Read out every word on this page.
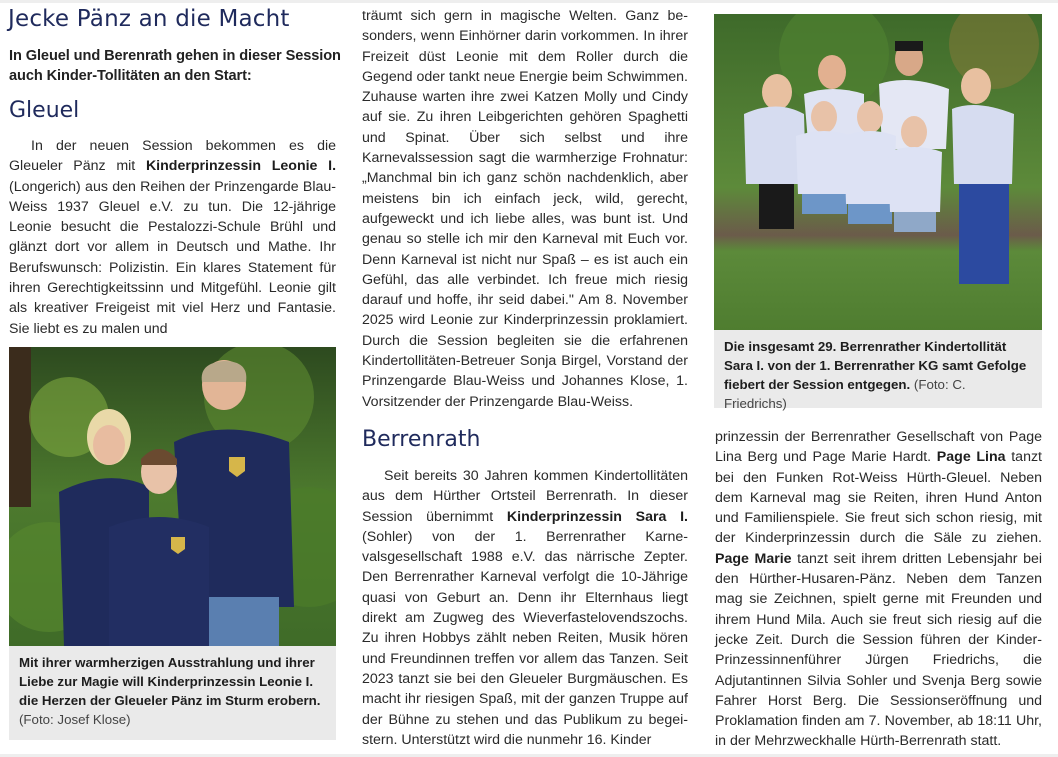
Jecke Pänz an die Macht

In Gleuel und Berenrath gehen in dieser Session auch Kinder-Tollitäten an den Start:

Gleuel

In der neuen Session bekommen es die Gleueler Pänz mit Kinderprinzessin Leonie I. (Longerich) aus den Reihen der Prinzengarde Blau-Weiss 1937 Gleuel e.V. zu tun. Die 12-jährige Leonie besucht die Pestalozzi-Schule Brühl und glänzt dort vor allem in Deutsch und Mathe. Ihr Berufswunsch: Polizistin. Ein klares Statement für ihren Gerechtigkeitssinn und Mitgefühl. Leonie gilt als kreativer Freigeist mit viel Herz und Fantasie. Sie liebt es zu malen und

Mit ihrer warmherzigen Ausstrahlung und ihrer Liebe zur Magie will Kinderprinzessin Leonie I. die Herzen der Gleueler Pänz im Sturm erobern.
(Foto: Josef Klose)

träumt sich gern in magische Welten. Ganz besonders, wenn Einhörner darin vorkommen. In ihrer Freizeit düst Leonie mit dem Roller durch die Gegend oder tankt neue Energie beim Schwimmen. Zuhause warten ihre zwei Katzen Molly und Cindy auf sie. Zu ihren Leibgerichten gehören Spaghetti und Spinat. Über sich selbst und ihre Karnevalssession sagt die warmherzige Frohnatur: „Manchmal bin ich ganz schön nachdenklich, aber meistens bin ich einfach jeck, wild, gerecht, aufgeweckt und ich liebe alles, was bunt ist. Und genau so stelle ich mir den Karneval mit Euch vor. Denn Karneval ist nicht nur Spaß – es ist auch ein Gefühl, das alle verbindet. Ich freue mich riesig darauf und hoffe, ihr seid dabei." Am 8. November 2025 wird Leonie zur Kinderprinzessin proklamiert. Durch die Session begleiten sie die erfahrenen Kindertollitäten-Betreuer Sonja Birgel, Vorstand der Prinzengarde Blau-Weiss und Johannes Klose, 1. Vorsitzender der Prinzengarde Blau-Weiss.

Berrenrath

Seit bereits 30 Jahren kommen Kindertollitäten aus dem Hürther Ortsteil Berrenrath. In dieser Session übernimmt Kinderprinzessin Sara I. (Sohler) von der 1. Berrenrather Karnevalsgesellschaft 1988 e.V. das närrische Zepter. Den Berrenrather Karneval verfolgt die 10-Jährige quasi von Geburt an. Denn ihr Elternhaus liegt direkt am Zugweg des Wieverfastelovendszochs. Zu ihren Hobbys zählt neben Reiten, Musik hören und Freundinnen treffen vor allem das Tanzen. Seit 2023 tanzt sie bei den Gleueler Burgmäuschen. Es macht ihr riesigen Spaß, mit der ganzen Truppe auf der Bühne zu stehen und das Publikum zu begeistern. Unterstützt wird die nunmehr 16. Kinder

Die insgesamt 29. Berrenrather Kindertollität Sara I. von der 1. Berrenrather KG samt Gefolge fiebert der Session entgegen. (Foto: C. Friedrichs)

prinzessin der Berrenrather Gesellschaft von Page Lina Berg und Page Marie Hardt. Page Lina tanzt bei den Funken Rot-Weiss Hürth-Gleuel. Neben dem Karneval mag sie Reiten, ihren Hund Anton und Familienspiele. Sie freut sich schon riesig, mit der Kinderprinzessin durch die Säle zu ziehen. Page Marie tanzt seit ihrem dritten Lebensjahr bei den Hürther-Husaren-Pänz. Neben dem Tanzen mag sie Zeichnen, spielt gerne mit Freunden und ihrem Hund Mila. Auch sie freut sich riesig auf die jecke Zeit. Durch die Session führen der Kinder-Prinzessinnenführer Jürgen Friedrichs, die Adjutantinnen Silvia Sohler und Svenja Berg sowie Fahrer Horst Berg. Die Sessionseröffnung und Proklamation finden am 7. November, ab 18:11 Uhr, in der Mehrzweckhalle Hürth-Berrenrath statt.
